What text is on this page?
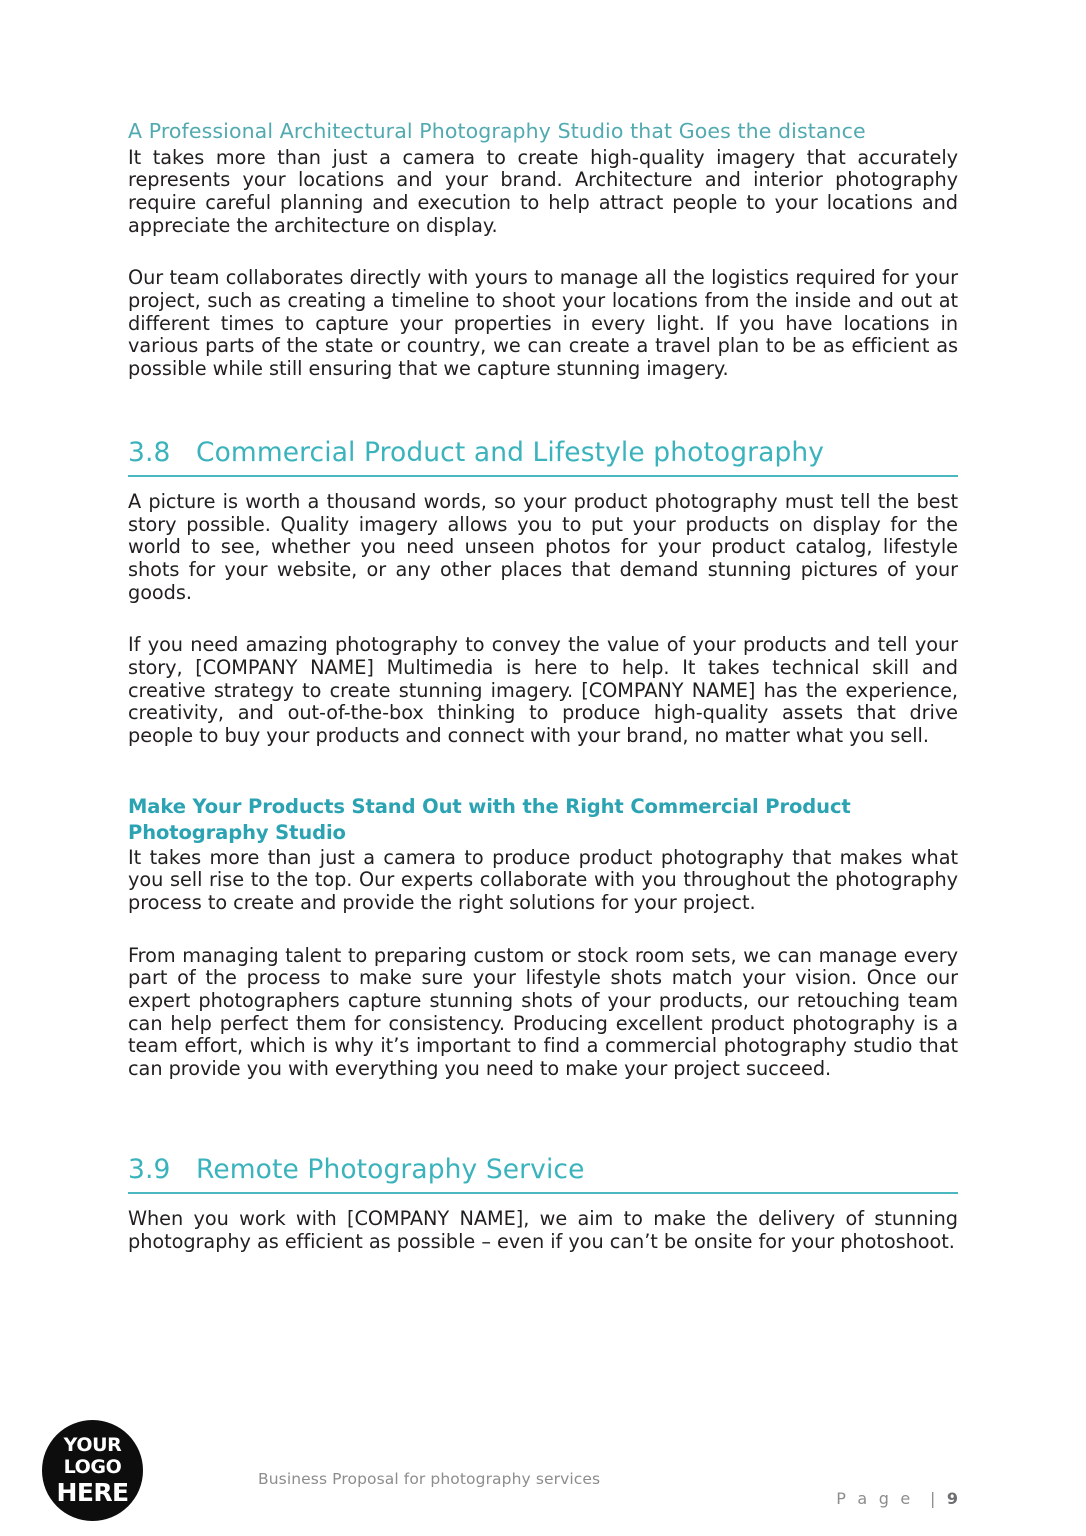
A Professional Architectural Photography Studio that Goes the distance

It takes more than just a camera to create high-quality imagery that accurately represents your locations and your brand. Architecture and interior photography require careful planning and execution to help attract people to your locations and appreciate the architecture on display.

Our team collaborates directly with yours to manage all the logistics required for your project, such as creating a timeline to shoot your locations from the inside and out at different times to capture your properties in every light. If you have locations in various parts of the state or country, we can create a travel plan to be as efficient as possible while still ensuring that we capture stunning imagery.

3.8 Commercial Product and Lifestyle photography

A picture is worth a thousand words, so your product photography must tell the best story possible. Quality imagery allows you to put your products on display for the world to see, whether you need unseen photos for your product catalog, lifestyle shots for your website, or any other places that demand stunning pictures of your goods.

If you need amazing photography to convey the value of your products and tell your story, [COMPANY NAME] Multimedia is here to help. It takes technical skill and creative strategy to create stunning imagery. [COMPANY NAME] has the experience, creativity, and out-of-the-box thinking to produce high-quality assets that drive people to buy your products and connect with your brand, no matter what you sell.

Make Your Products Stand Out with the Right Commercial Product Photography Studio

It takes more than just a camera to produce product photography that makes what you sell rise to the top. Our experts collaborate with you throughout the photography process to create and provide the right solutions for your project.

From managing talent to preparing custom or stock room sets, we can manage every part of the process to make sure your lifestyle shots match your vision. Once our expert photographers capture stunning shots of your products, our retouching team can help perfect them for consistency. Producing excellent product photography is a team effort, which is why it’s important to find a commercial photography studio that can provide you with everything you need to make your project succeed.

3.9 Remote Photography Service

When you work with [COMPANY NAME], we aim to make the delivery of stunning photography as efficient as possible – even if you can’t be onsite for your photoshoot.

YOUR
LOGO
HERE	Business Proposal for photography services

P a g e  | 9
